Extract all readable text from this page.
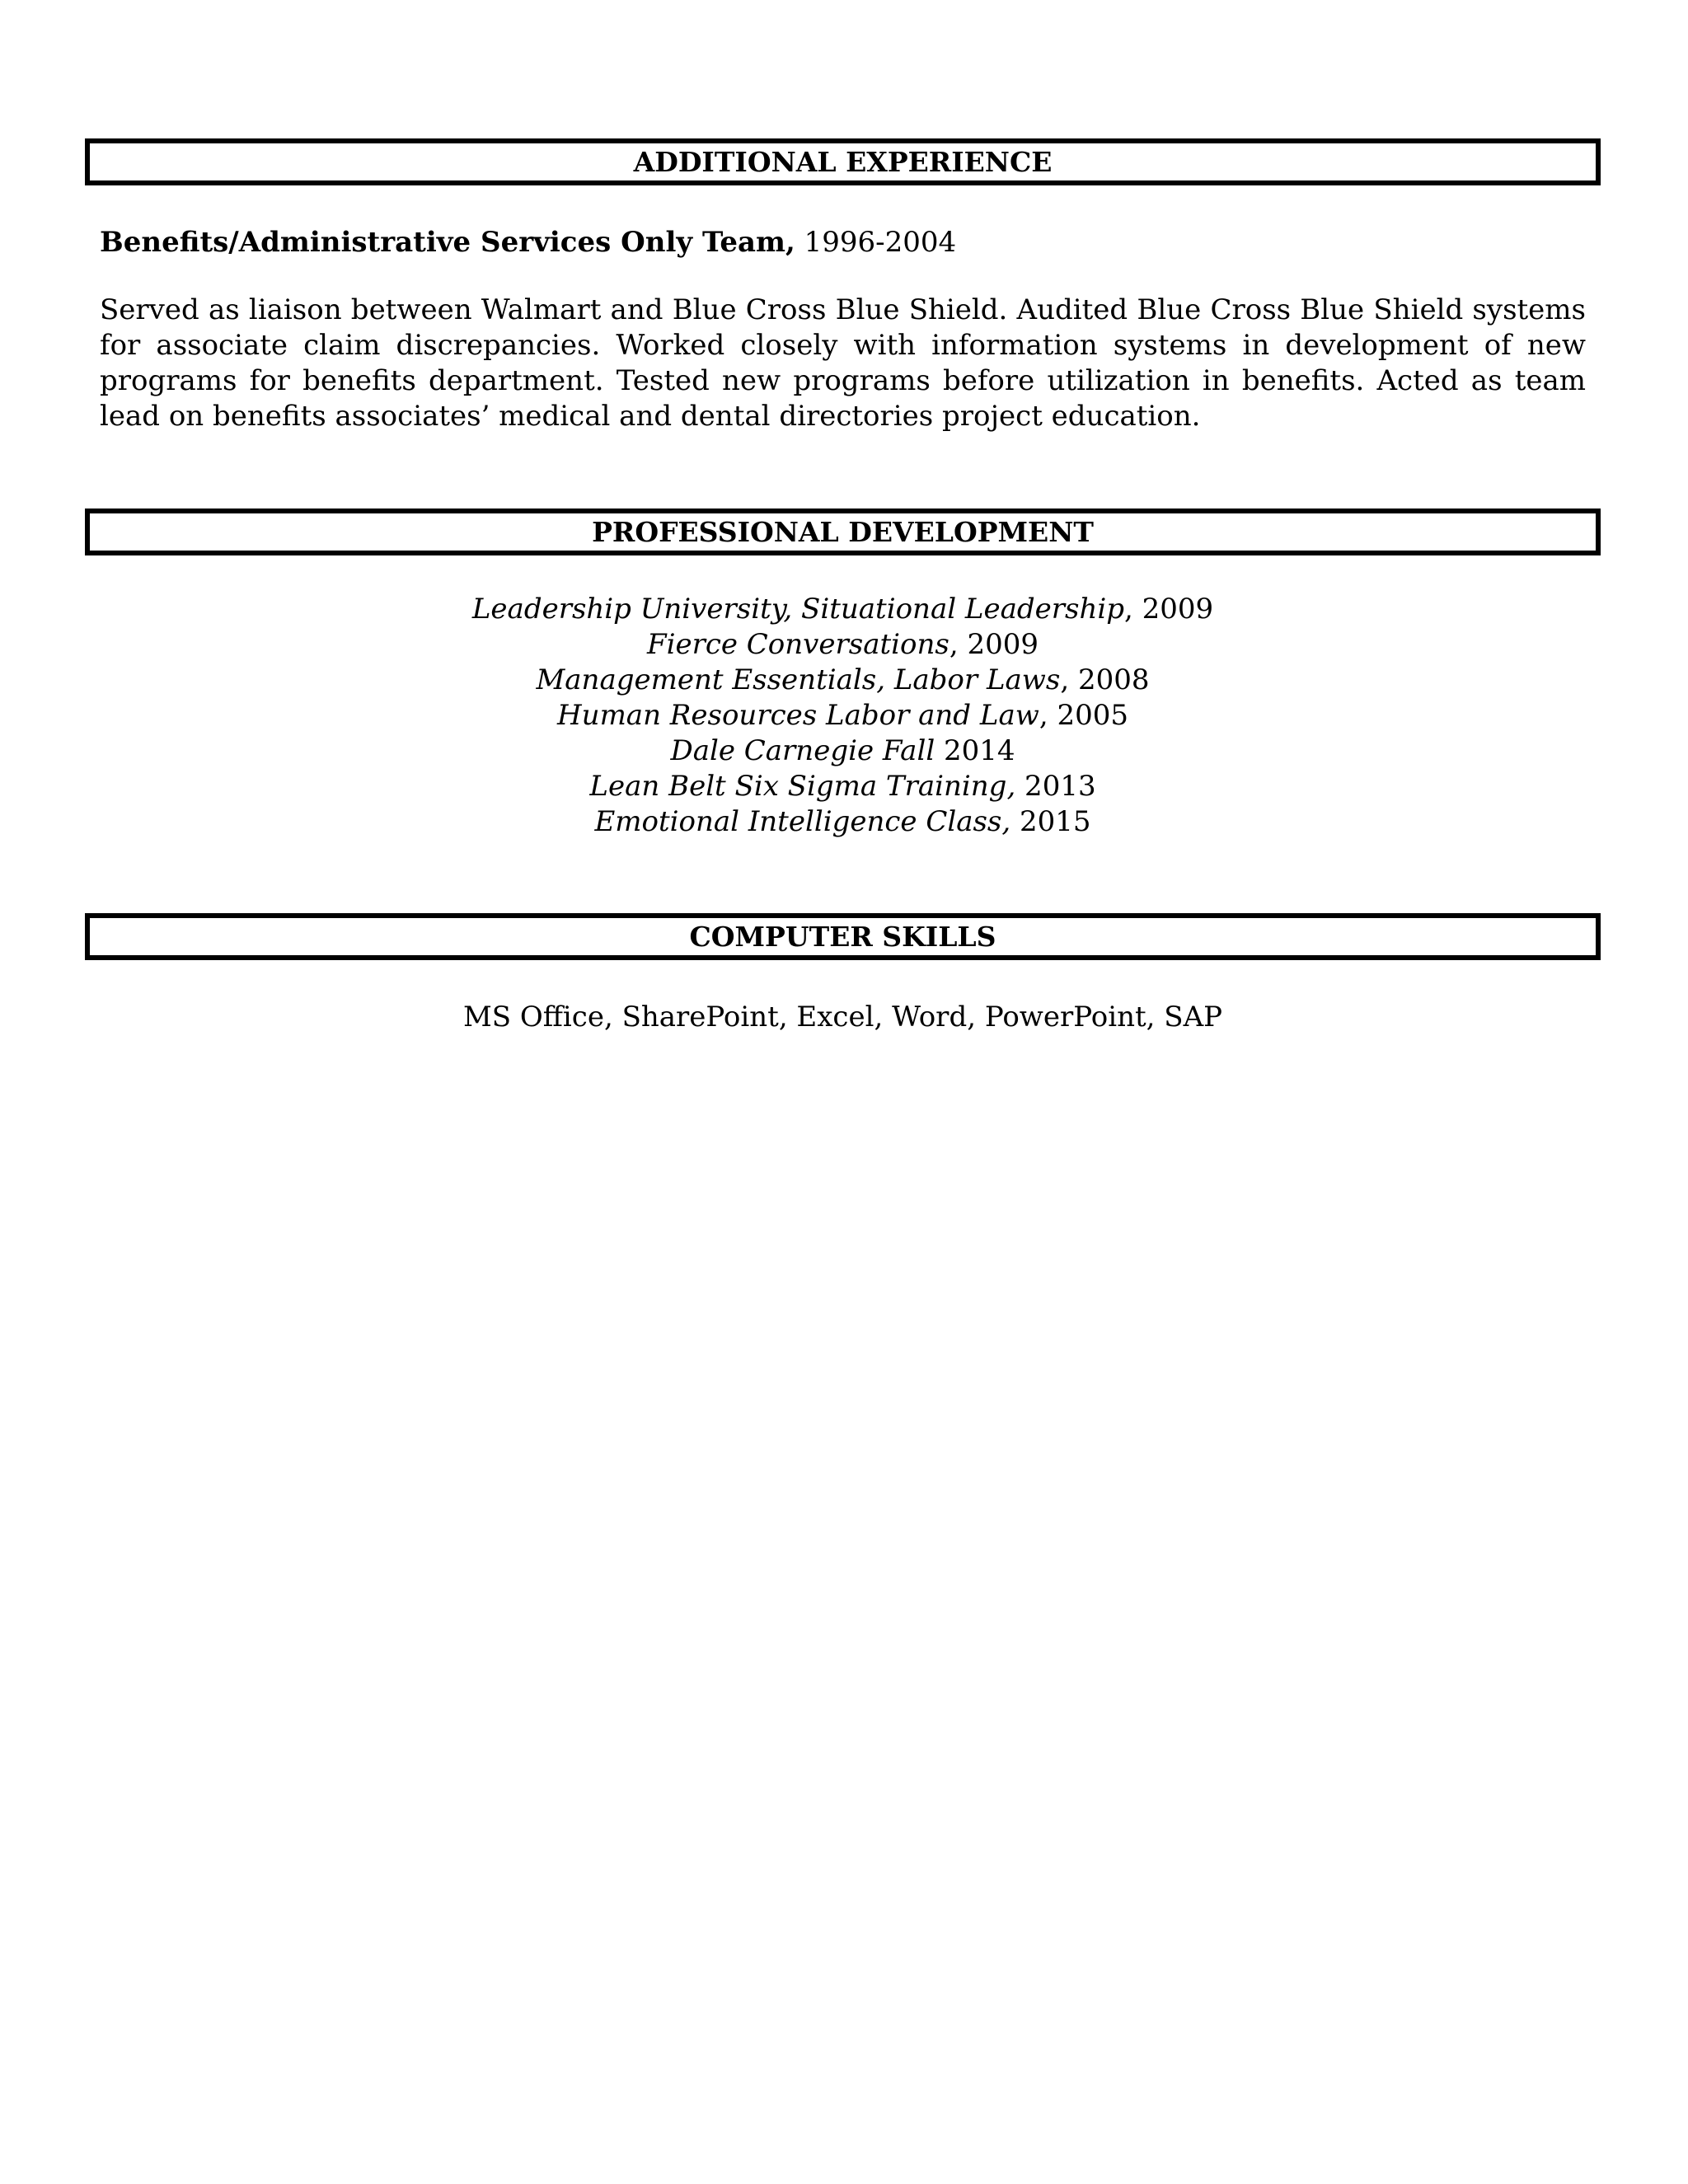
ADDITIONAL EXPERIENCE
Benefits/Administrative Services Only Team, 1996-2004
Served as liaison between Walmart and Blue Cross Blue Shield. Audited Blue Cross Blue Shield systems for associate claim discrepancies. Worked closely with information systems in development of new programs for benefits department. Tested new programs before utilization in benefits. Acted as team lead on benefits associates’ medical and dental directories project education.
PROFESSIONAL DEVELOPMENT
Leadership University, Situational Leadership, 2009
Fierce Conversations, 2009
Management Essentials, Labor Laws, 2008
Human Resources Labor and Law, 2005
Dale Carnegie Fall 2014
Lean Belt Six Sigma Training, 2013
Emotional Intelligence Class, 2015
COMPUTER SKILLS
MS Office, SharePoint, Excel, Word, PowerPoint, SAP
